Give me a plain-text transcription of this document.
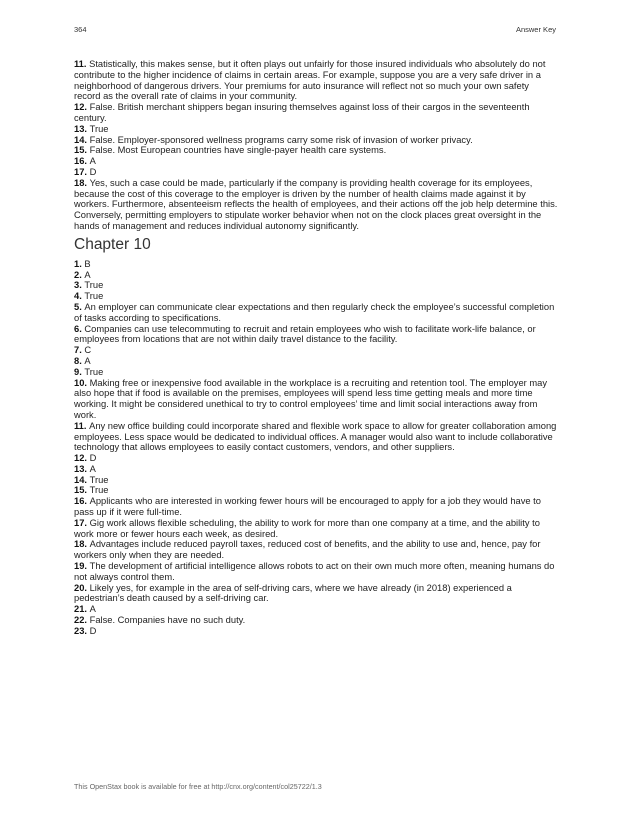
364	Answer Key

11. Statistically, this makes sense, but it often plays out unfairly for those insured individuals who absolutely do not contribute to the higher incidence of claims in certain areas. For example, suppose you are a very safe driver in a neighborhood of dangerous drivers. Your premiums for auto insurance will reflect not so much your own safety record as the overall rate of claims in your community.

12. False. British merchant shippers began insuring themselves against loss of their cargos in the seventeenth century.

13. True

14. False. Employer-sponsored wellness programs carry some risk of invasion of worker privacy.

15. False. Most European countries have single-payer health care systems.

16. A

17. D

18. Yes, such a case could be made, particularly if the company is providing health coverage for its employees, because the cost of this coverage to the employer is driven by the number of health claims made against it by workers. Furthermore, absenteeism reflects the health of employees, and their actions off the job help determine this. Conversely, permitting employers to stipulate worker behavior when not on the clock places great oversight in the hands of management and reduces individual autonomy significantly.

Chapter 10

1. B

2. A

3. True

4. True

5. An employer can communicate clear expectations and then regularly check the employee’s successful completion of tasks according to specifications.

6. Companies can use telecommuting to recruit and retain employees who wish to facilitate work-life balance, or employees from locations that are not within daily travel distance to the facility.

7. C

8. A

9. True

10. Making free or inexpensive food available in the workplace is a recruiting and retention tool. The employer may also hope that if food is available on the premises, employees will spend less time getting meals and more time working. It might be considered unethical to try to control employees’ time and limit social interactions away from work.

11. Any new office building could incorporate shared and flexible work space to allow for greater collaboration among employees. Less space would be dedicated to individual offices. A manager would also want to include collaborative technology that allows employees to easily contact customers, vendors, and other suppliers.

12. D

13. A

14. True

15. True

16. Applicants who are interested in working fewer hours will be encouraged to apply for a job they would have to pass up if it were full-time.

17. Gig work allows flexible scheduling, the ability to work for more than one company at a time, and the ability to work more or fewer hours each week, as desired.

18. Advantages include reduced payroll taxes, reduced cost of benefits, and the ability to use and, hence, pay for workers only when they are needed.

19. The development of artificial intelligence allows robots to act on their own much more often, meaning humans do not always control them.

20. Likely yes, for example in the area of self-driving cars, where we have already (in 2018) experienced a pedestrian’s death caused by a self-driving car.

21. A

22. False. Companies have no such duty.

23. D

This OpenStax book is available for free at http://cnx.org/content/col25722/1.3
